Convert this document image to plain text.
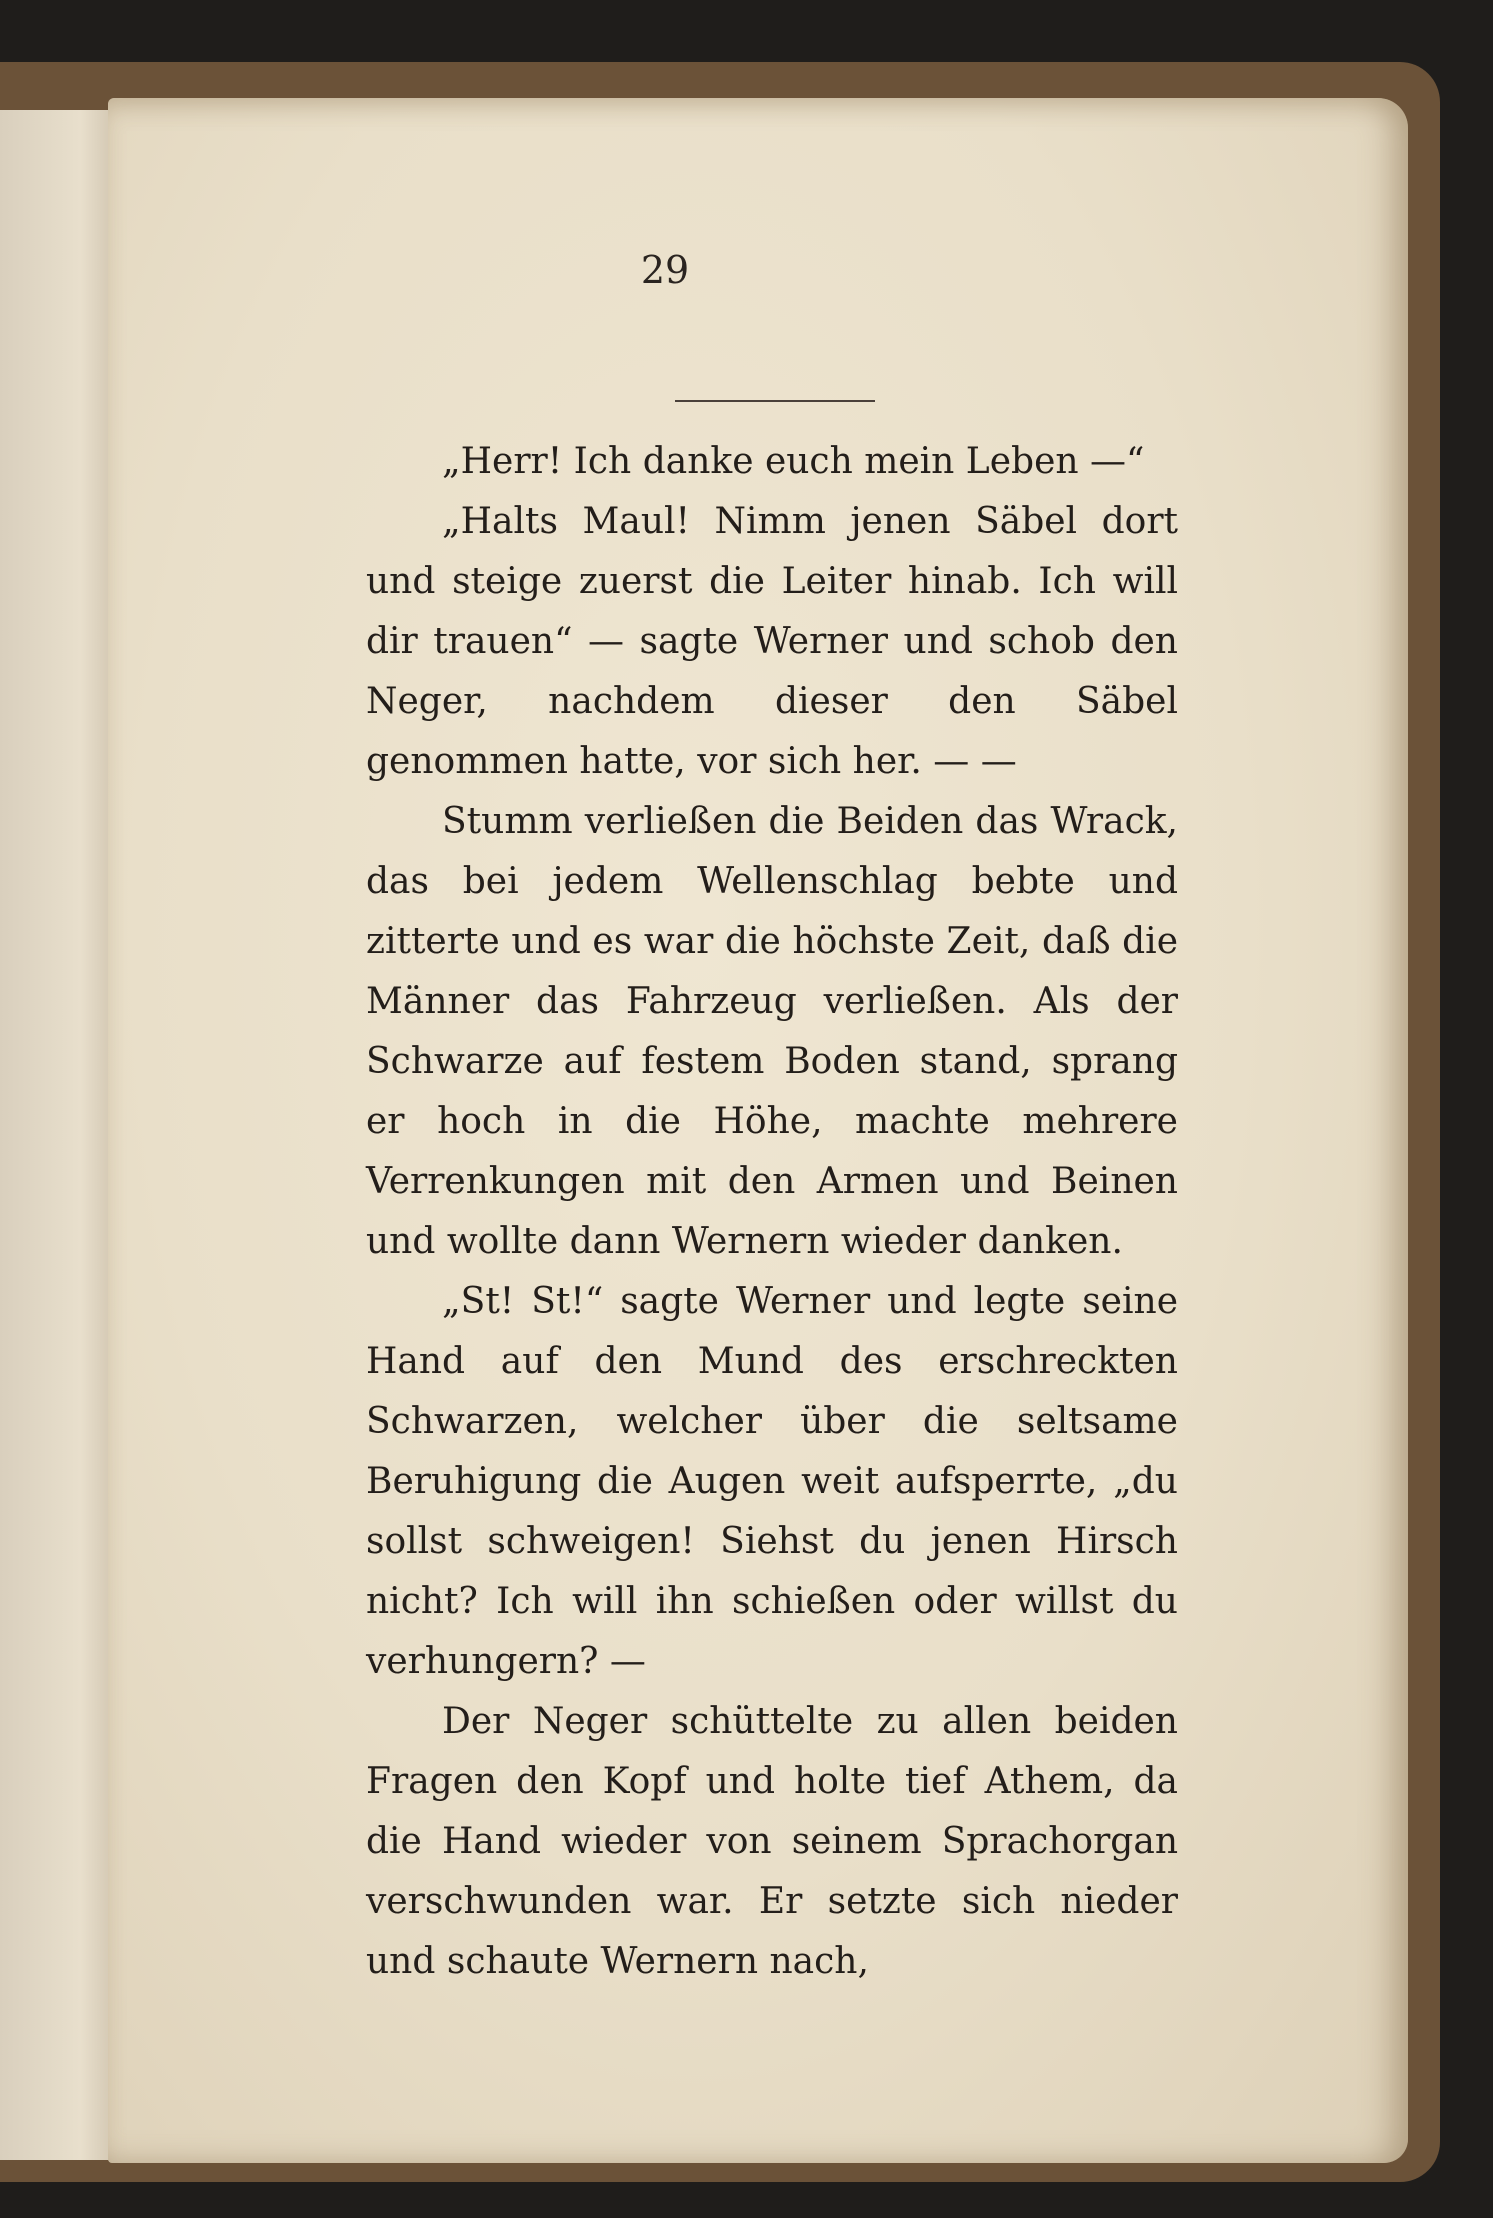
29

„Herr! Ich danke euch mein Leben —“

„Halts Maul! Nimm jenen Säbel dort und steige zuerst die Leiter hinab. Ich will dir trauen“ — sagte Werner und schob den Neger, nachdem dieser den Säbel genommen hatte, vor sich her. — —

Stumm verließen die Beiden das Wrack, das bei jedem Wellenschlag bebte und zitterte und es war die höchste Zeit, daß die Männer das Fahrzeug verließen. Als der Schwarze auf festem Boden stand, sprang er hoch in die Höhe, machte mehrere Verrenkungen mit den Armen und Beinen und wollte dann Wernern wieder danken.

„St! St!“ sagte Werner und legte seine Hand auf den Mund des erschreckten Schwarzen, welcher über die seltsame Beruhigung die Augen weit aufsperrte, „du sollst schweigen! Siehst du jenen Hirsch nicht? Ich will ihn schießen oder willst du verhungern? —

Der Neger schüttelte zu allen beiden Fragen den Kopf und holte tief Athem, da die Hand wieder von seinem Sprachorgan verschwunden war. Er setzte sich nieder und schaute Wernern nach,
